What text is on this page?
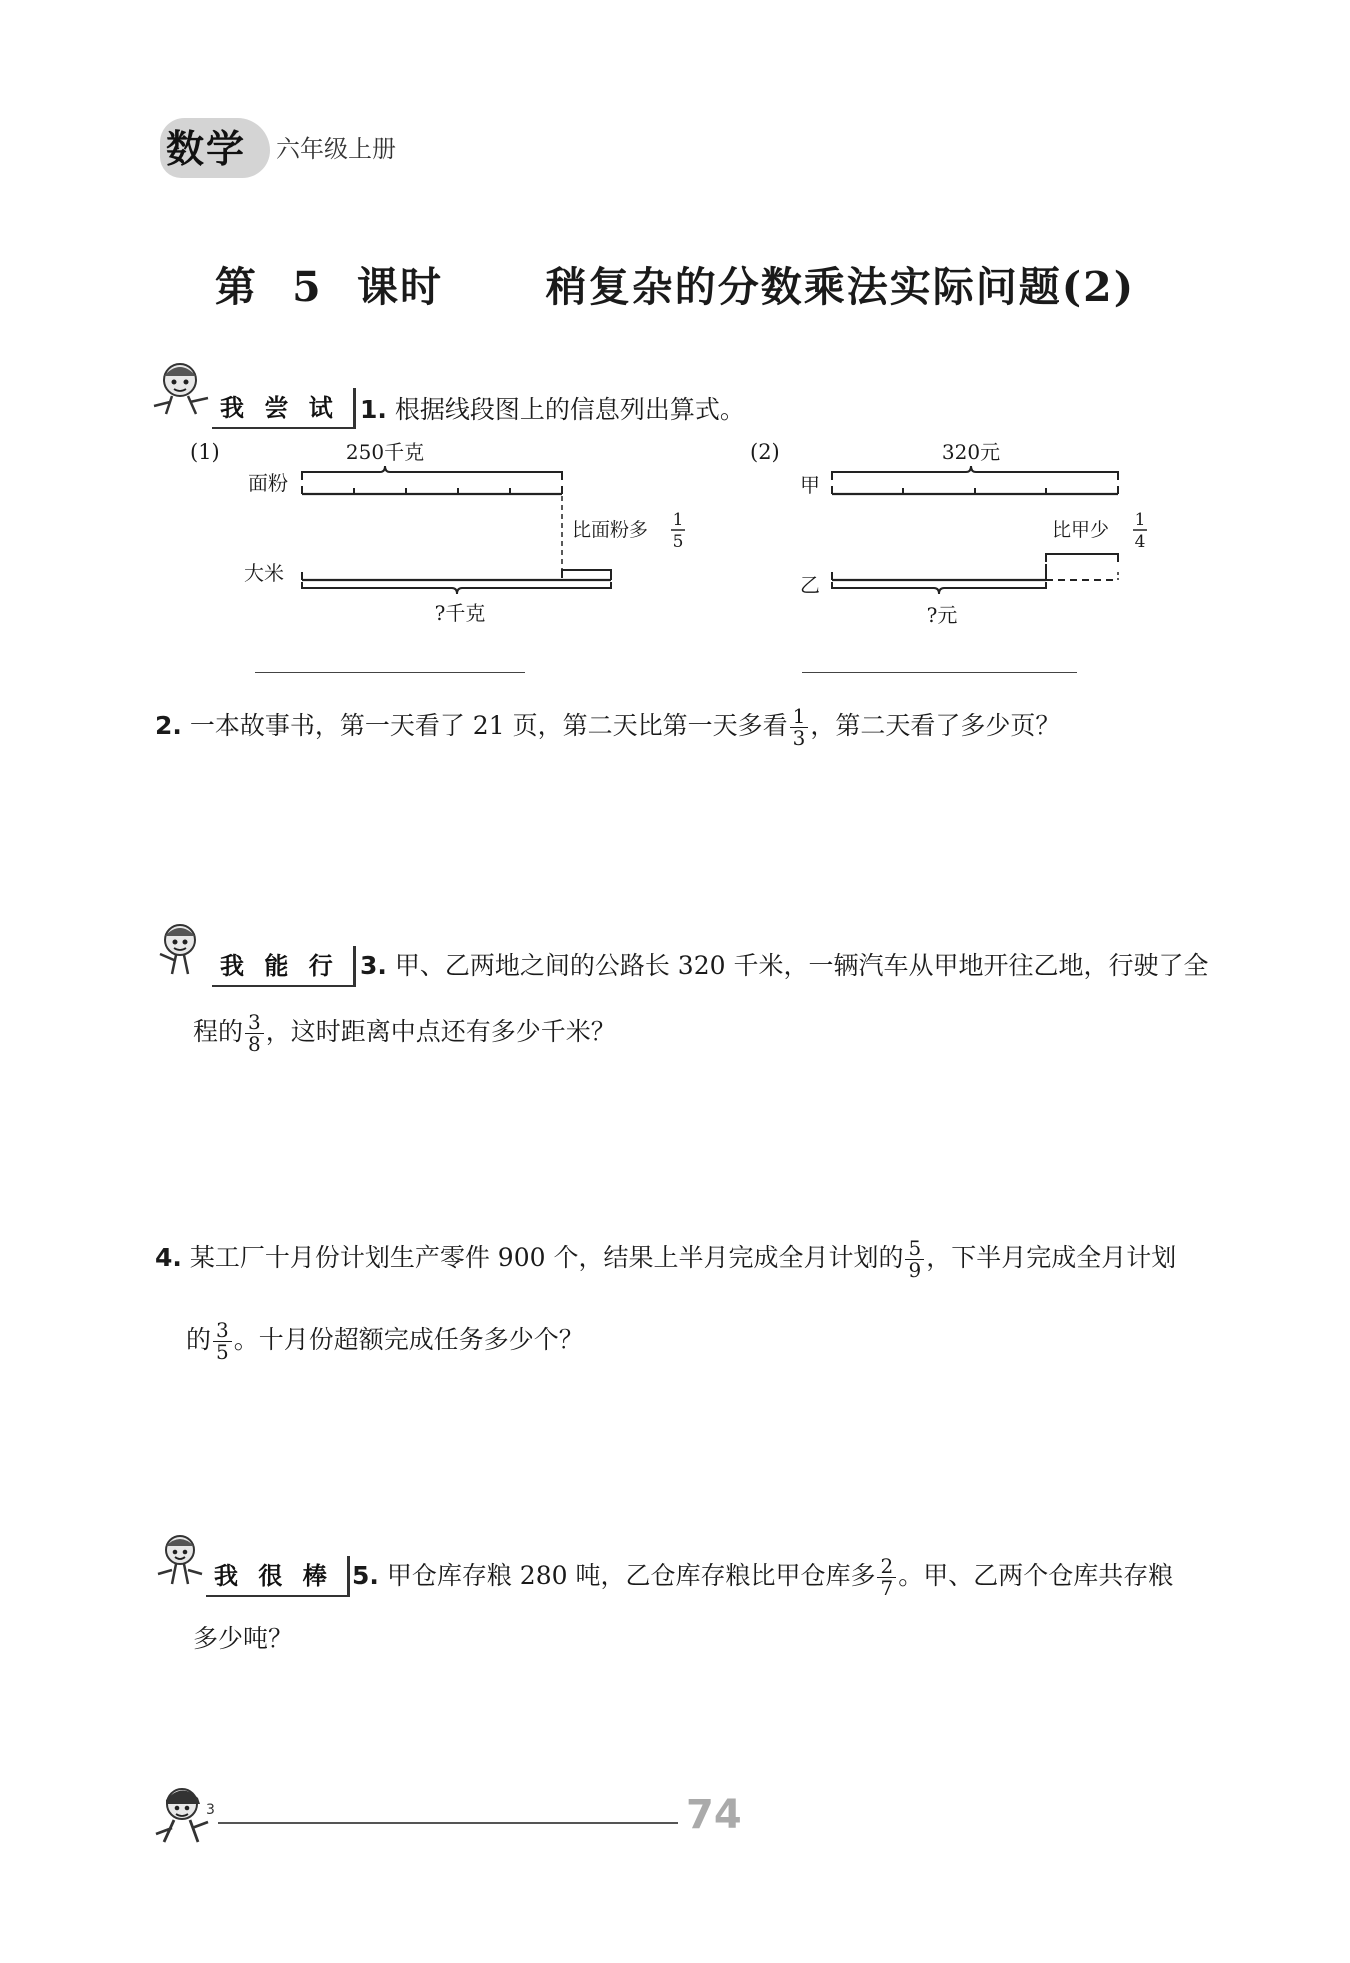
数学 六年级上册
第 5 课时   稍复杂的分数乘法实际问题(2)
我 尝 试 1. 根据线段图上的信息列出算式。
(1)	250千克
面粉
比面粉多 1
5
大米
?千克
(2)	320元
甲
比甲少 1
4
乙
?元
2. 一本故事书，第一天看了 21 页，第二天比第一天多看 $\frac{1}{3}$ ，第二天看了多少页？
我 能 行 3. 甲、乙两地之间的公路长 320 千米，一辆汽车从甲地开往乙地，行驶了全
程的 $\frac{3}{8}$ ，这时距离中点还有多少千米？
4. 某工厂十月份计划生产零件 900 个，结果上半月完成全月计划的 $\frac{5}{9}$ ，下半月完成全月计划
的 $\frac{3}{5}$ 。十月份超额完成任务多少个？
我 很 棒 5. 甲仓库存粮 280 吨，乙仓库存粮比甲仓库多 $\frac{2}{7}$ 。甲、乙两个仓库共存粮
多少吨？
3	74
